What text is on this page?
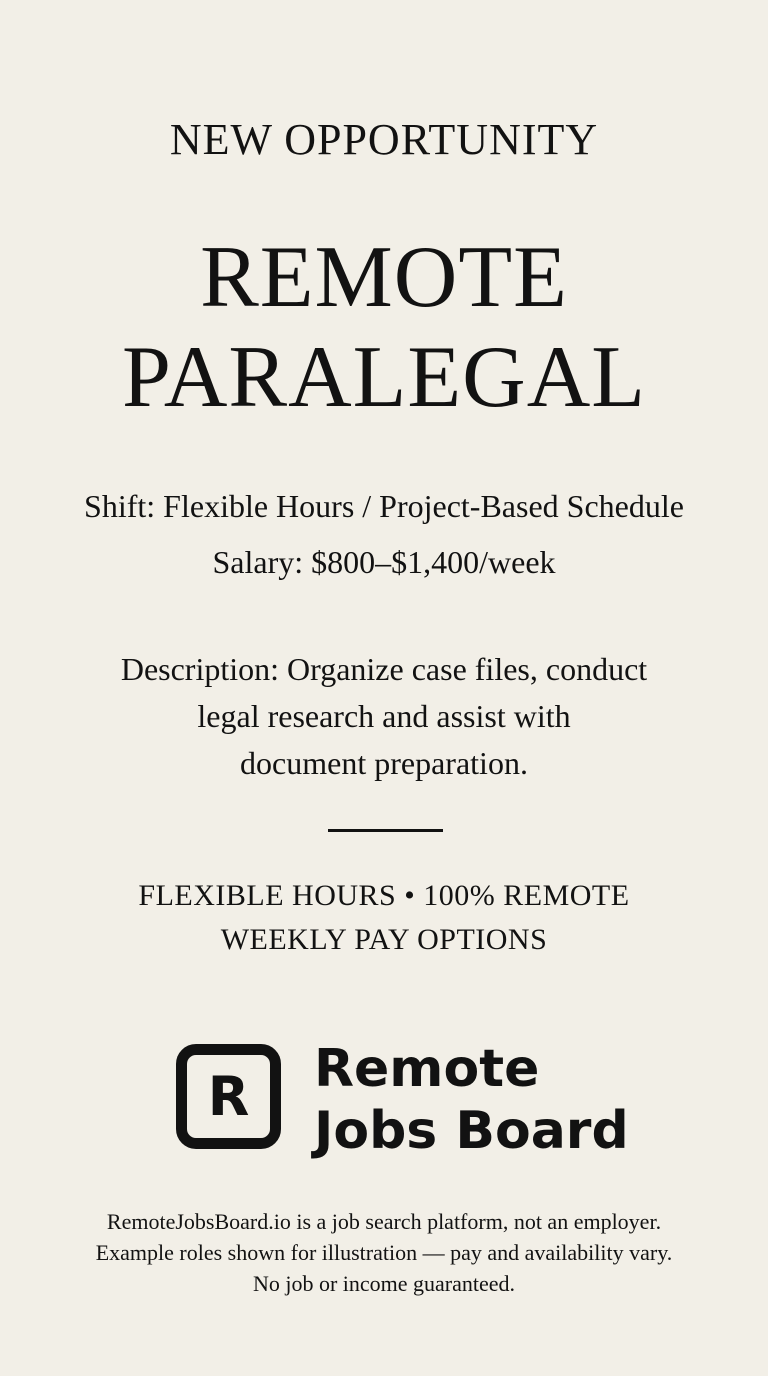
NEW OPPORTUNITY
REMOTE
PARALEGAL
Shift: Flexible Hours / Project-Based Schedule
Salary: $800–$1,400/week
Description: Organize case files, conduct
legal research and assist with
document preparation.
FLEXIBLE HOURS • 100% REMOTE
WEEKLY PAY OPTIONS
R Remote
Jobs Board
RemoteJobsBoard.io is a job search platform, not an employer.
Example roles shown for illustration — pay and availability vary.
No job or income guaranteed.
